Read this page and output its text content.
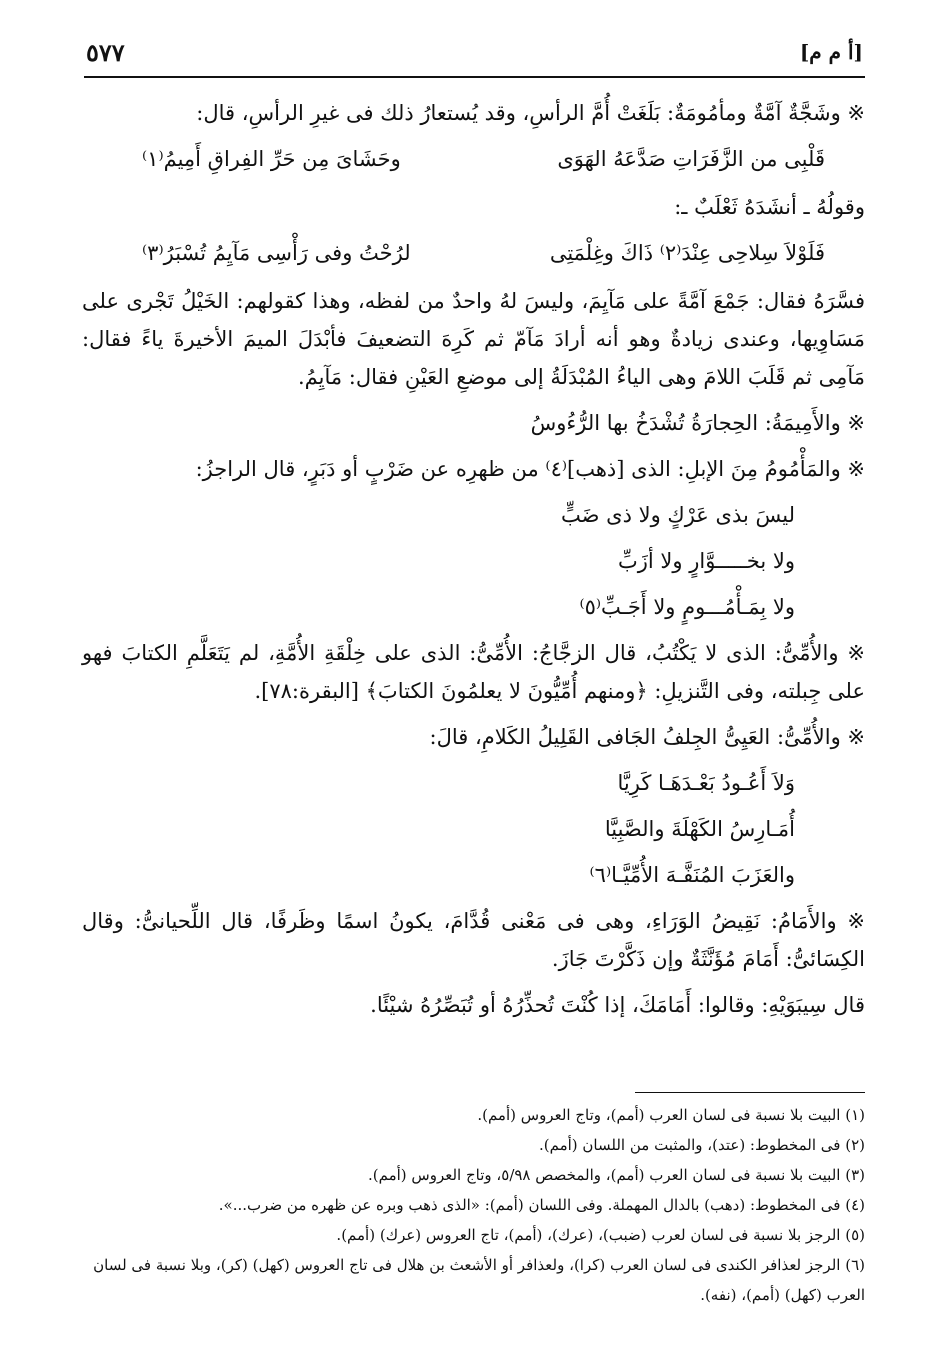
٥٧٧	[أ م م]

※ وشَجَّةٌ آمَّةٌ ومأمُومَةٌ: بَلَغَتْ أُمَّ الرأسِ، وقد يُستعارُ ذلك فى غيرِ الرأسِ، قال:

قَلْبِى من الزَّفَرَاتِ صَدَّعَهُ الهَوَى
وحَشَاىَ مِن حَرِّ الفِراقِ أَمِيمُ⁽١⁾

وقولُهُ ـ أنشَدَهُ ثَعْلَبٌ ـ:

فَلَوْلاَ سِلاحِى عِنْدَ⁽٢⁾ ذَاكَ وغِلْمَتِى
لرُحْتُ وفى رَأْسِى مَآيِمُ تُسْبَرُ⁽٣⁾

فسَّرَهُ فقال: جَمْعَ آمَّةً على مَآيِمَ، وليسَ لهُ واحدٌ من لفظه، وهذا كقولهم: الخَيْلُ تَجْرى على مَسَاوِيها، وعندى زيادةٌ وهو أنه أرادَ مَآمّ ثم كَرِهَ التضعيفَ فأبْدَلَ الميمَ الأخيرةَ ياءً فقال: مَآمِى ثم قَلَبَ اللامَ وهى الياءُ المُبْدَلَةُ إلى موضعِ العَيْنِ فقال: مَآيِمُ.

※ والأَمِيمَةُ: الحِجارَةُ تُشْدَخُ بها الرُّءُوسُ

※ والمَأْمُومُ مِنَ الإبلِ: الذى [ذهب]⁽٤⁾ من ظهرِه عن ضَرْبٍ أو دَبَرٍ، قال الراجزُ:

ليسَ بذى عَرْكٍ ولا ذى ضَبٍّ
ولا بخـــــوَّارٍ ولا أزَبِّ
ولا بِمَـأْمُـــومٍ ولا أَجَـبِّ⁽٥⁾

※ والأُمِّىُّ: الذى لا يَكْتُبُ، قال الزجَّاجُ: الأُمِّىُّ: الذى على خِلْقَةِ الأُمَّةِ، لم يَتَعَلَّمِ الكتابَ فهو على جِبلته، وفى التَّنزيلِ: ﴿ومنهم أُمِّيُّونَ لا يعلمُونَ الكتابَ﴾ [البقرة:٧٨].

※ والأُمِّىُّ: العَيِىُّ الجِلفُ الجَافى القَلِيلُ الكَلامِ، قالَ:

وَلاَ أَعُـودُ بَعْـدَهَـا كَرِيَّا
أُمَـارِسُ الكَهْلَةَ والصَّبِيَّا
والعَزَبَ المُنَفَّـهَ الأُمِّيَّـا⁽٦⁾

※ والأَمَامُ: نَقِيضُ الوَرَاءِ، وهى فى مَعْنى قُدَّامَ، يكونُ اسمًا وظَرفًا، قال اللِّحيانىُّ: وقال الكِسَائىُّ: أَمَامَ مُؤَنَّثَةٌ وإن ذَكَّرْتَ جَازَ.

قال سِيبَوَيْهِ: وقالوا: أَمَامَكَ، إذا كُنْتَ تُحذِّرُهُ أو تُبَصِّرُهُ شيْئًا.

(١) البيت بلا نسبة فى لسان العرب (أمم)، وتاج العروس (أمم).
(٢) فى المخطوط: (عتد)، والمثبت من اللسان (أمم).
(٣) البيت بلا نسبة فى لسان العرب (أمم)، والمخصص ٥/٩٨، وتاج العروس (أمم).
(٤) فى المخطوط: (دهب) بالدال المهملة. وفى اللسان (أمم): «الذى ذهب وبره عن ظهره من ضرب...».
(٥) الرجز بلا نسبة فى لسان لعرب (ضبب)، (عرك)، (أمم)، تاج العروس (عرك) (أمم).
(٦) الرجز لعذافر الكندى فى لسان العرب (كرا)، ولعذافر أو الأشعث بن هلال فى تاج العروس (كهل) (كر)، وبلا نسبة فى لسان العرب (كهل) (أمم)، (نفه).
